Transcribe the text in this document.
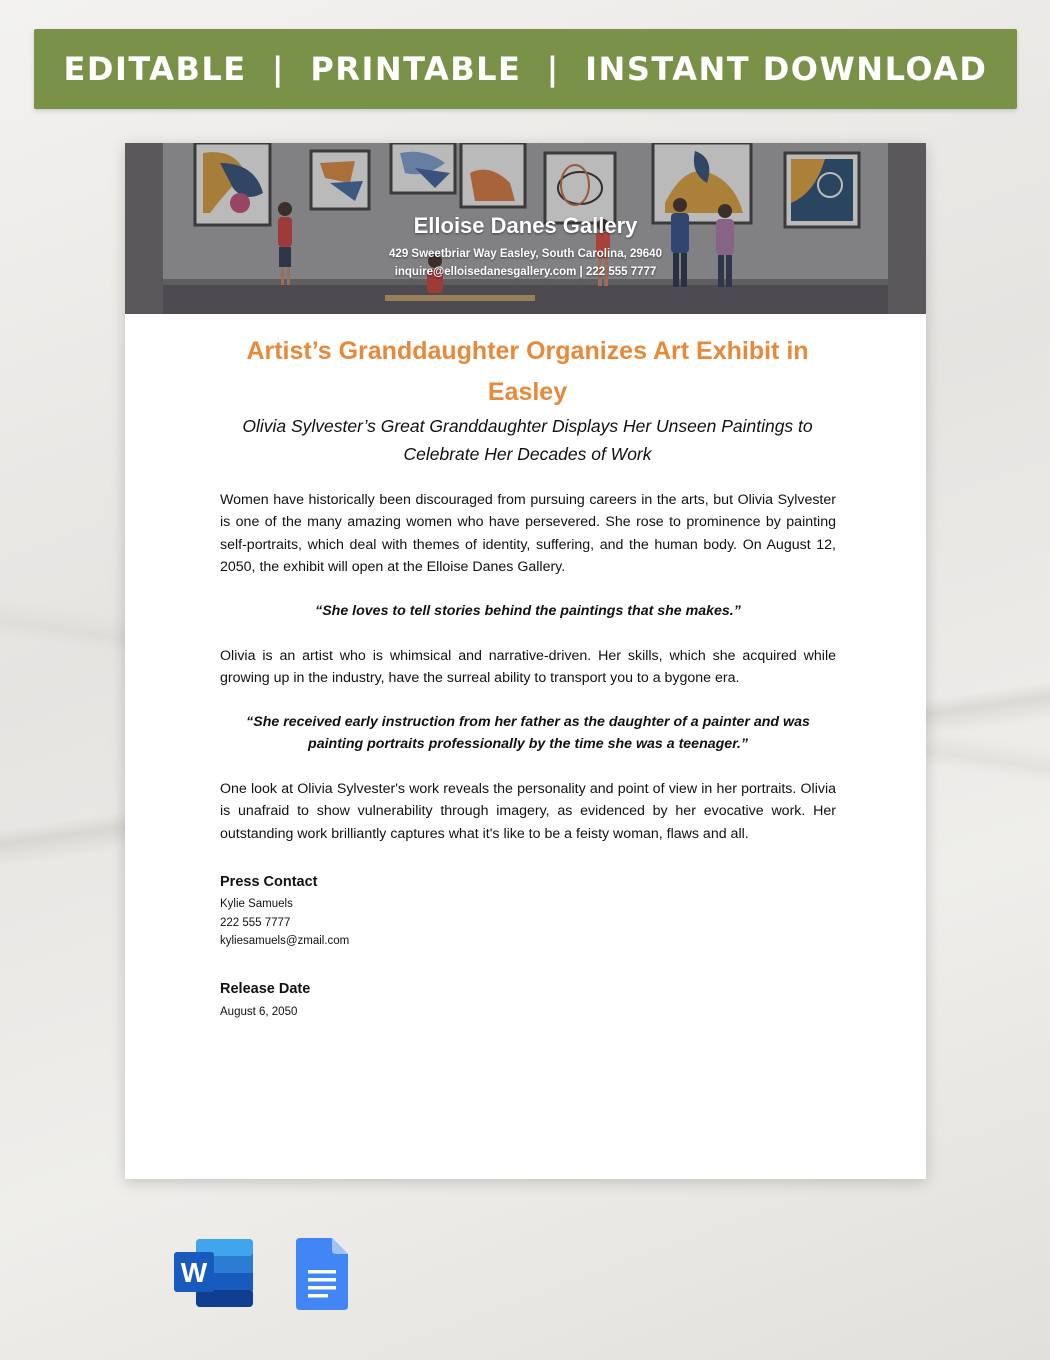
EDITABLE  |  PRINTABLE  |  INSTANT DOWNLOAD
Elloise Danes Gallery
429 Sweetbriar Way Easley, South Carolina, 29640
inquire@elloisedanesgallery.com | 222 555 7777
Artist’s Granddaughter Organizes Art Exhibit in Easley
Olivia Sylvester’s Great Granddaughter Displays Her Unseen Paintings to Celebrate Her Decades of Work
Women have historically been discouraged from pursuing careers in the arts, but Olivia Sylvester is one of the many amazing women who have persevered. She rose to prominence by painting self-portraits, which deal with themes of identity, suffering, and the human body. On August 12, 2050, the exhibit will open at the Elloise Danes Gallery.
“She loves to tell stories behind the paintings that she makes.”
Olivia is an artist who is whimsical and narrative-driven. Her skills, which she acquired while growing up in the industry, have the surreal ability to transport you to a bygone era.
“She received early instruction from her father as the daughter of a painter and was painting portraits professionally by the time she was a teenager.”
One look at Olivia Sylvester's work reveals the personality and point of view in her portraits. Olivia is unafraid to show vulnerability through imagery, as evidenced by her evocative work. Her outstanding work brilliantly captures what it's like to be a feisty woman, flaws and all.
Press Contact
Kylie Samuels
222 555 7777
kyliesamuels@zmail.com
Release Date
August 6, 2050
W
